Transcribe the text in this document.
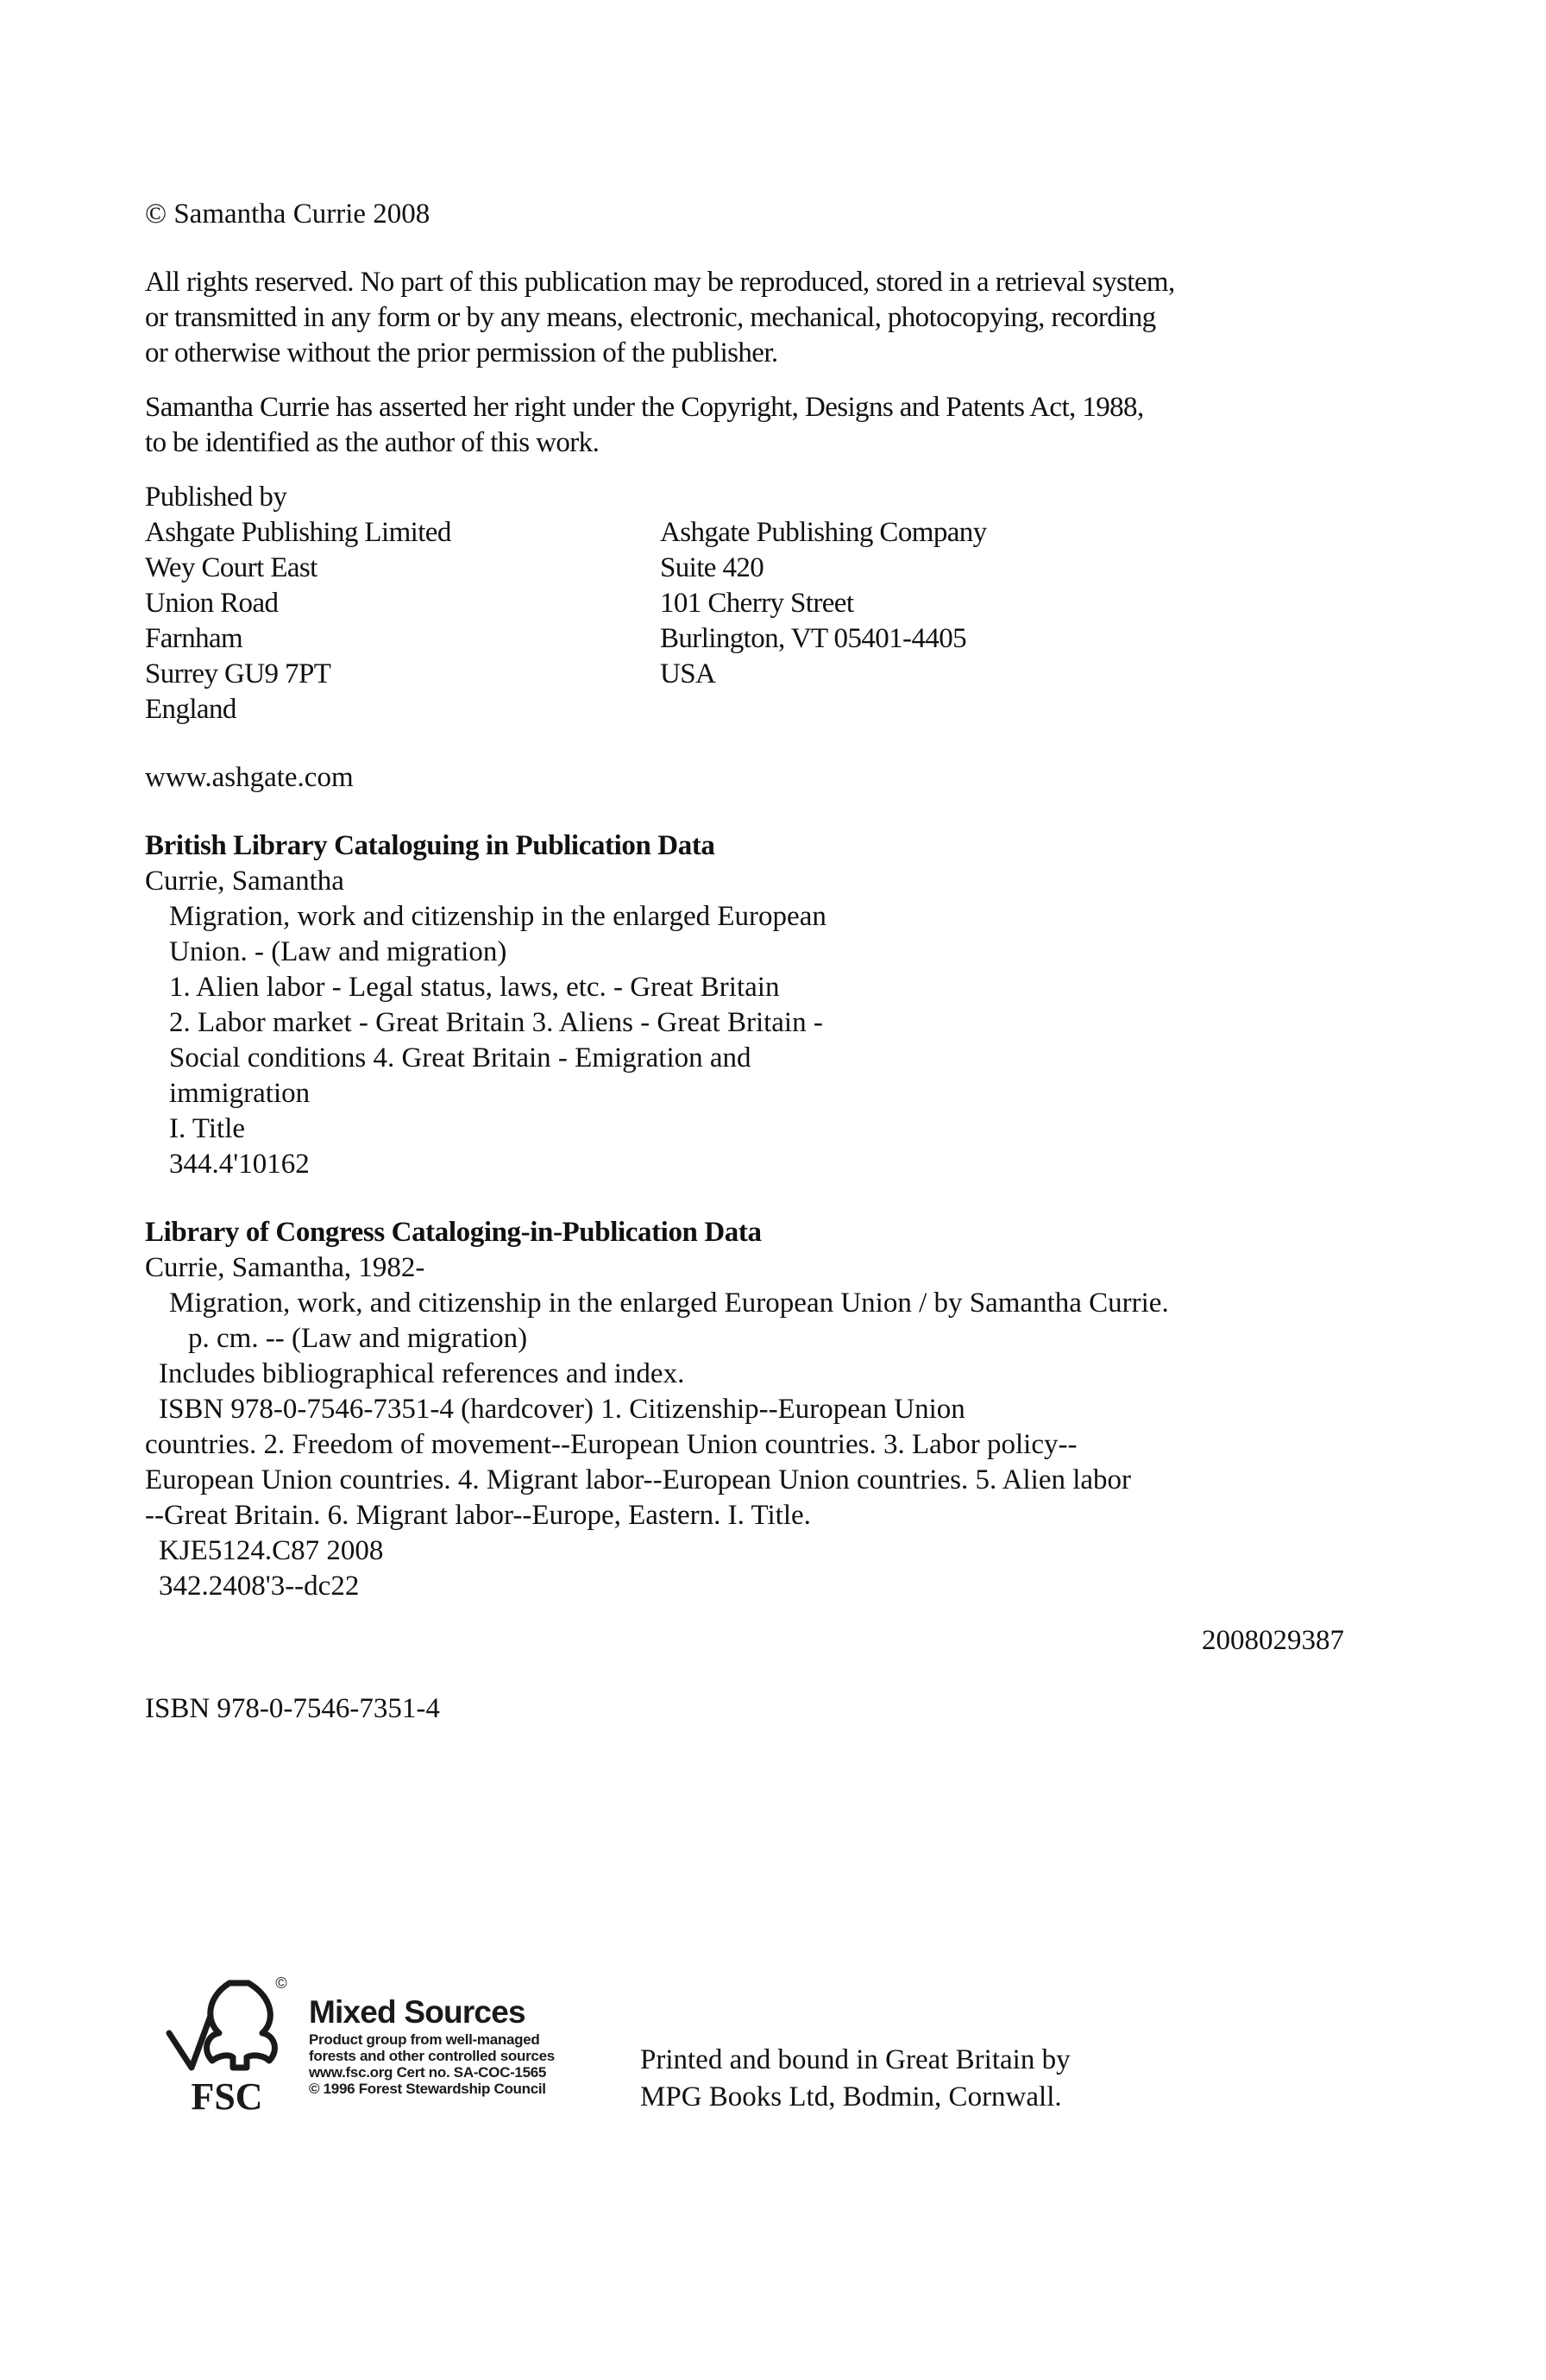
© Samantha Currie 2008

All rights reserved. No part of this publication may be reproduced, stored in a retrieval system,

or transmitted in any form or by any means, electronic, mechanical, photocopying, recording

or otherwise without the prior permission of the publisher.

Samantha Currie has asserted her right under the Copyright, Designs and Patents Act, 1988,

to be identified as the author of this work.

Published by

Ashgate Publishing Limited

Wey Court East

Union Road

Farnham

Surrey GU9 7PT

England

Ashgate Publishing Company

Suite 420

101 Cherry Street

Burlington, VT 05401-4405

USA

www.ashgate.com

British Library Cataloguing in Publication Data

Currie, Samantha

Migration, work and citizenship in the enlarged European

Union. - (Law and migration)

1. Alien labor - Legal status, laws, etc. - Great Britain

2. Labor market - Great Britain 3. Aliens - Great Britain -

Social conditions 4. Great Britain - Emigration and

immigration

I. Title

344.4'10162

Library of Congress Cataloging-in-Publication Data

Currie, Samantha, 1982-

Migration, work, and citizenship in the enlarged European Union / by Samantha Currie.

p. cm. -- (Law and migration)

Includes bibliographical references and index.

ISBN 978-0-7546-7351-4 (hardcover) 1. Citizenship--European Union

countries. 2. Freedom of movement--European Union countries. 3. Labor policy--

European Union countries. 4. Migrant labor--European Union countries. 5. Alien labor

--Great Britain. 6. Migrant labor--Europe, Eastern. I. Title.

KJE5124.C87 2008

342.2408'3--dc22

2008029387

ISBN 978-0-7546-7351-4

FSC
©

Mixed Sources

Product group from well-managed

forests and other controlled sources

www.fsc.org Cert no. SA-COC-1565

© 1996 Forest Stewardship Council

Printed and bound in Great Britain by

MPG Books Ltd, Bodmin, Cornwall.
